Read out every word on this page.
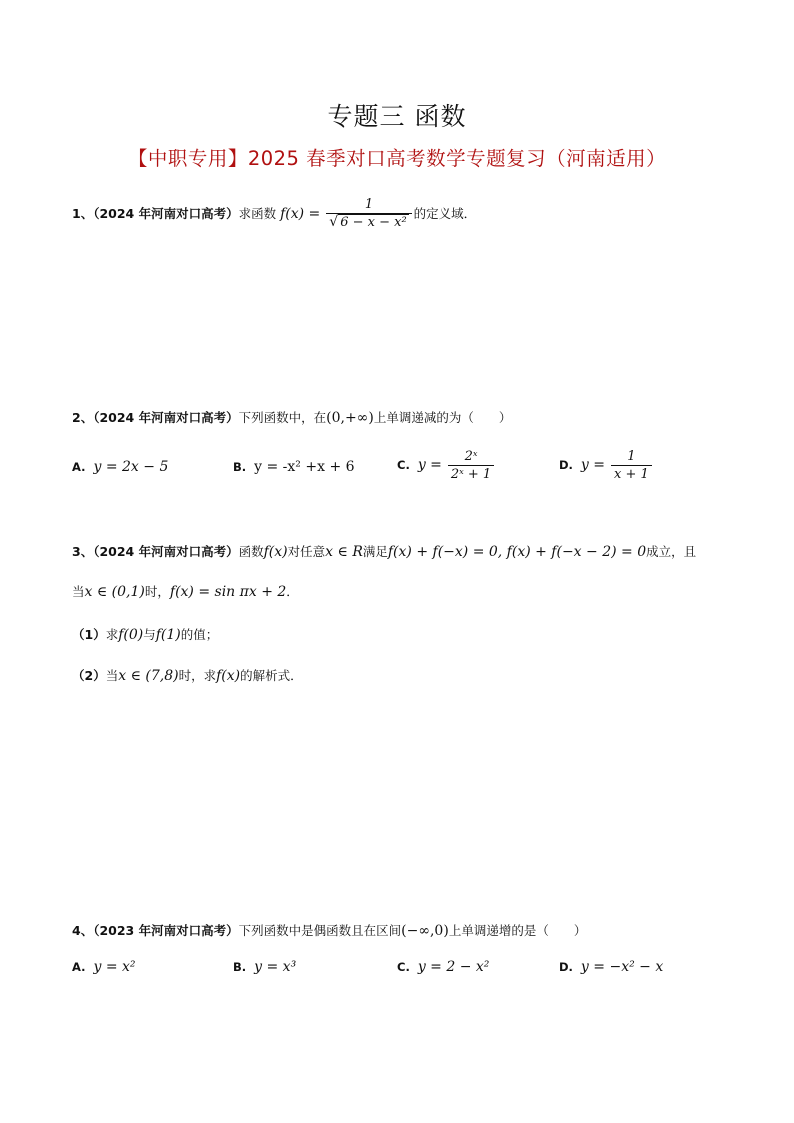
专题三 函数
【中职专用】2025 春季对口高考数学专题复习（河南适用）
1、（2024 年河南对口高考）求函数 $f(x) = \frac{1}{\text{√ 6 − x − x²}}$ 的定义域．
2、（2024 年河南对口高考）下列函数中，在(0,+∞)上单调递减的为（　　）
A. y = 2x − 5	B. y = -x² +x + 6	C. $y = \frac{\text{2ˣ}}{\text{2ˣ + 1}}$	D. $y = \frac{1}{x + 1}$
3、（2024 年河南对口高考）函数f(x)对任意x ∈ R满足f(x) + f(−x) = 0, f(x) + f(−x − 2) = 0成立，且
当x ∈ (0,1)时，f(x) = sin πx + 2．
（1）求f(0)与f(1)的值；
（2）当x ∈ (7,8)时，求f(x)的解析式．
4、（2023 年河南对口高考）下列函数中是偶函数且在区间(−∞,0)上单调递增的是（　　）
A. y = x²	B. y = x³	C. y = 2 − x²	D. y = −x² − x
